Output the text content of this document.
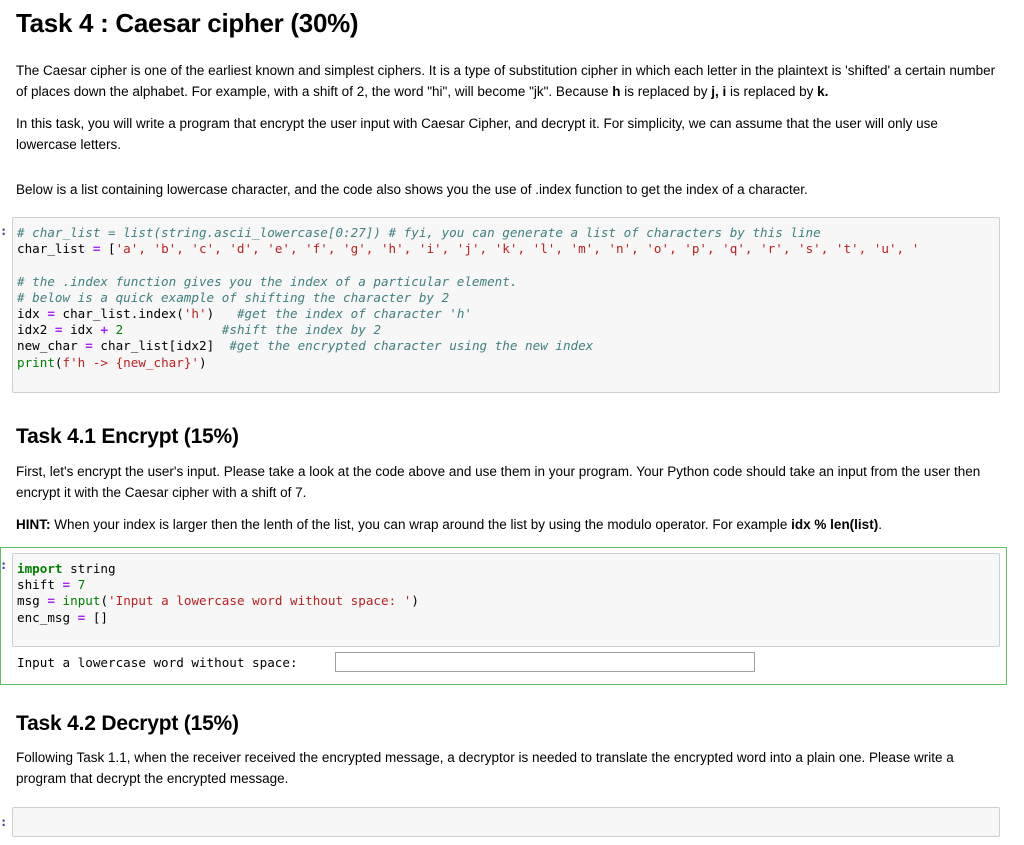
Task 4 : Caesar cipher (30%)

The Caesar cipher is one of the earliest known and simplest ciphers. It is a type of substitution cipher in which each letter in the plaintext is 'shifted' a certain number of places down the alphabet. For example, with a shift of 2, the word "hi", will become "jk". Because h is replaced by j, i is replaced by k.

In this task, you will write a program that encrypt the user input with Caesar Cipher, and decrypt it. For simplicity, we can assume that the user will only use lowercase letters.

Below is a list containing lowercase character, and the code also shows you the use of .index function to get the index of a character.

: # char_list = list(string.ascii_lowercase[0:27]) # fyi, you can generate a list of characters by this line
char_list = ['a', 'b', 'c', 'd', 'e', 'f', 'g', 'h', 'i', 'j', 'k', 'l', 'm', 'n', 'o', 'p', 'q', 'r', 's', 't', 'u', '

# the .index function gives you the index of a particular element.
# below is a quick example of shifting the character by 2
idx = char_list.index('h')   #get the index of character 'h'
idx2 = idx + 2	#shift the index by 2
new_char = char_list[idx2]  #get the encrypted character using the new index
print(f'h -> {new_char}')
Task 4.1 Encrypt (15%)

First, let's encrypt the user's input. Please take a look at the code above and use them in your program. Your Python code should take an input from the user then encrypt it with the Caesar cipher with a shift of 7.

HINT: When your index is larger then the lenth of the list, you can wrap around the list by using the modulo operator. For example idx % len(list).

: import string
shift = 7
msg = input('Input a lowercase word without space: ')
enc_msg = []
Input a lowercase word without space:
Task 4.2 Decrypt (15%)

Following Task 1.1, when the receiver received the encrypted message, a decryptor is needed to translate the encrypted word into a plain one. Please write a program that decrypt the encrypted message.

:
